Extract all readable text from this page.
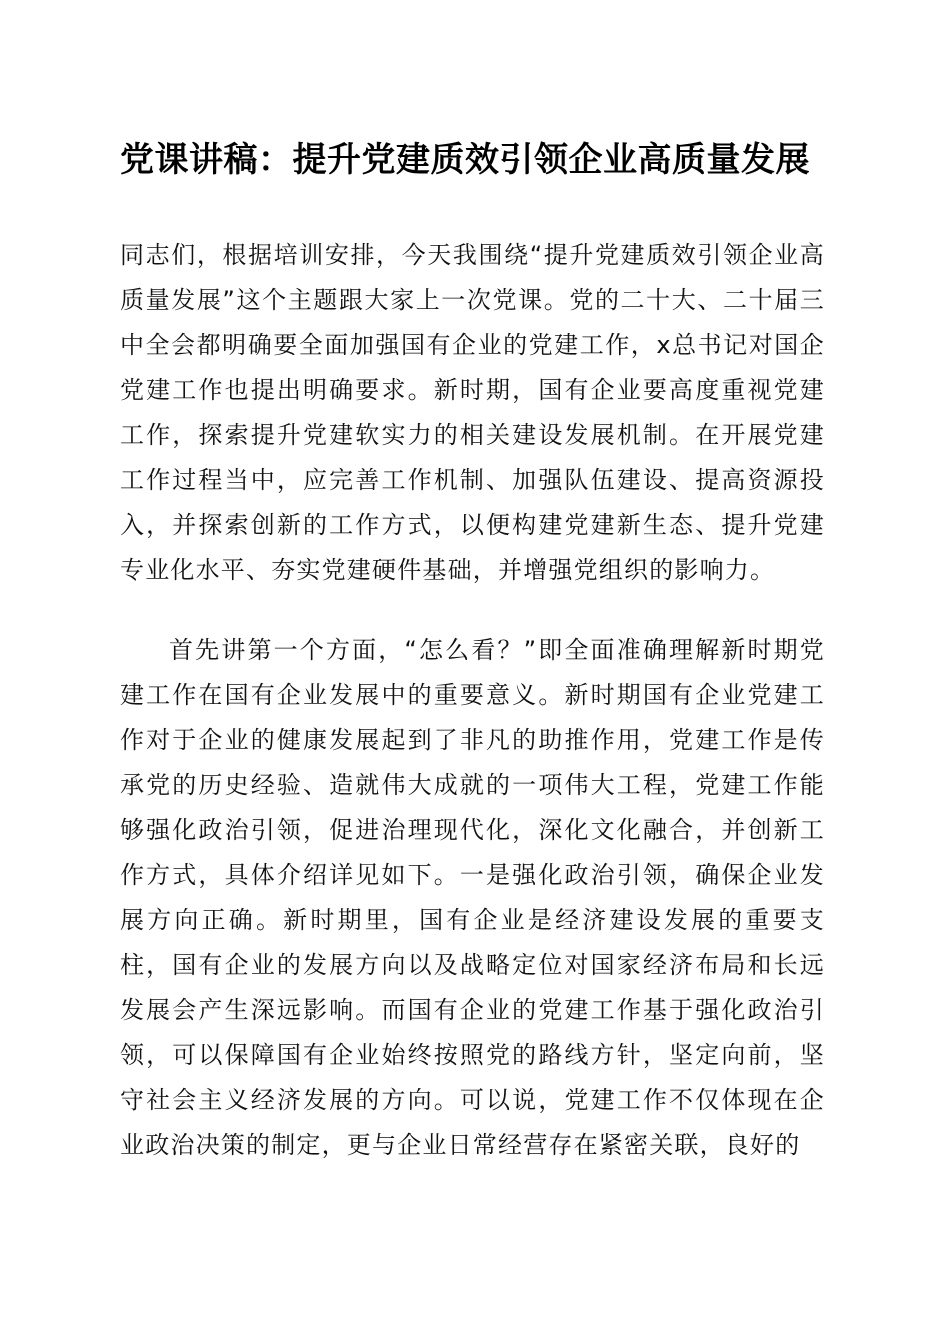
党课讲稿：提升党建质效引领企业高质量发展

同志们，根据培训安排，今天我围绕“提升党建质效引领企业高质量发展”这个主题跟大家上一次党课。党的二十大、二十届三中全会都明确要全面加强国有企业的党建工作，x总书记对国企党建工作也提出明确要求。新时期，国有企业要高度重视党建工作，探索提升党建软实力的相关建设发展机制。在开展党建工作过程当中，应完善工作机制、加强队伍建设、提高资源投入，并探索创新的工作方式，以便构建党建新生态、提升党建专业化水平、夯实党建硬件基础，并增强党组织的影响力。

首先讲第一个方面，“怎么看？”即全面准确理解新时期党建工作在国有企业发展中的重要意义。新时期国有企业党建工作对于企业的健康发展起到了非凡的助推作用，党建工作是传承党的历史经验、造就伟大成就的一项伟大工程，党建工作能够强化政治引领，促进治理现代化，深化文化融合，并创新工作方式，具体介绍详见如下。一是强化政治引领，确保企业发展方向正确。新时期里，国有企业是经济建设发展的重要支柱，国有企业的发展方向以及战略定位对国家经济布局和长远发展会产生深远影响。而国有企业的党建工作基于强化政治引领，可以保障国有企业始终按照党的路线方针，坚定向前，坚守社会主义经济发展的方向。可以说，党建工作不仅体现在企业政治决策的制定，更与企业日常经营存在紧密关联，良好的
